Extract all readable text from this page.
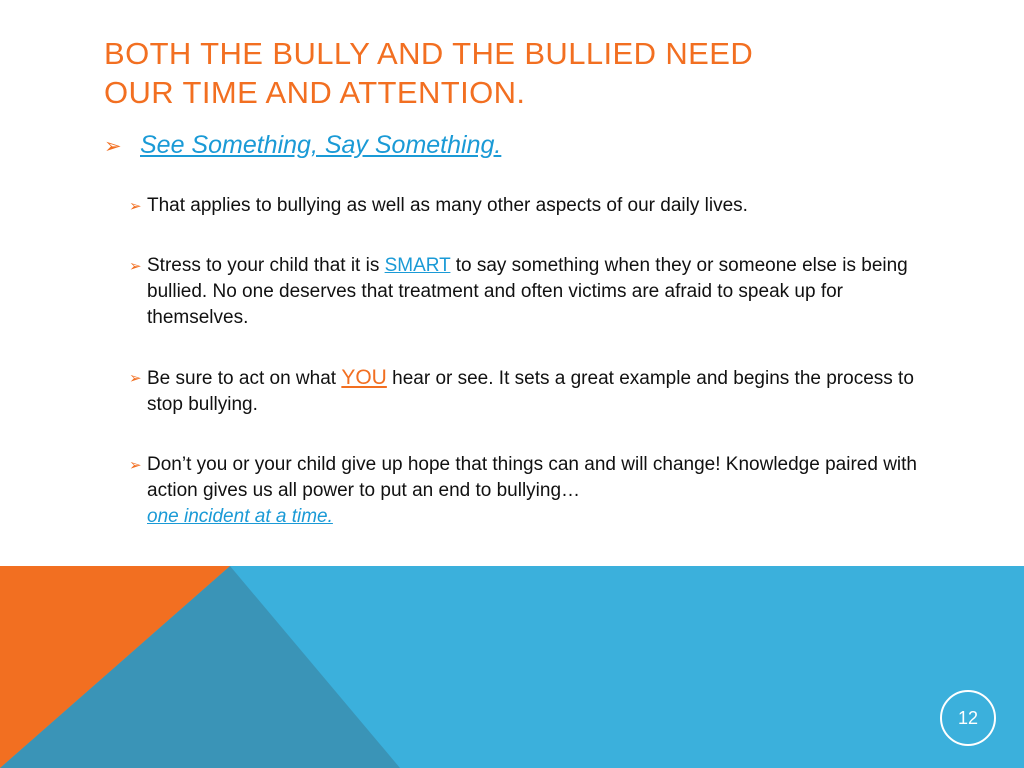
BOTH THE BULLY AND THE BULLIED NEED
OUR TIME AND ATTENTION.
➢ See Something, Say Something.
➢ That applies to bullying as well as many other aspects of our daily lives.
➢ Stress to your child that it is SMART to say something when they or someone else is being bullied. No one deserves that treatment and often victims are afraid to speak up for themselves.
➢ Be sure to act on what YOU hear or see. It sets a great example and begins the process to stop bullying.
➢ Don’t you or your child give up hope that things can and will change! Knowledge paired with action gives us all power to put an end to bullying…
one incident at a time.
12
